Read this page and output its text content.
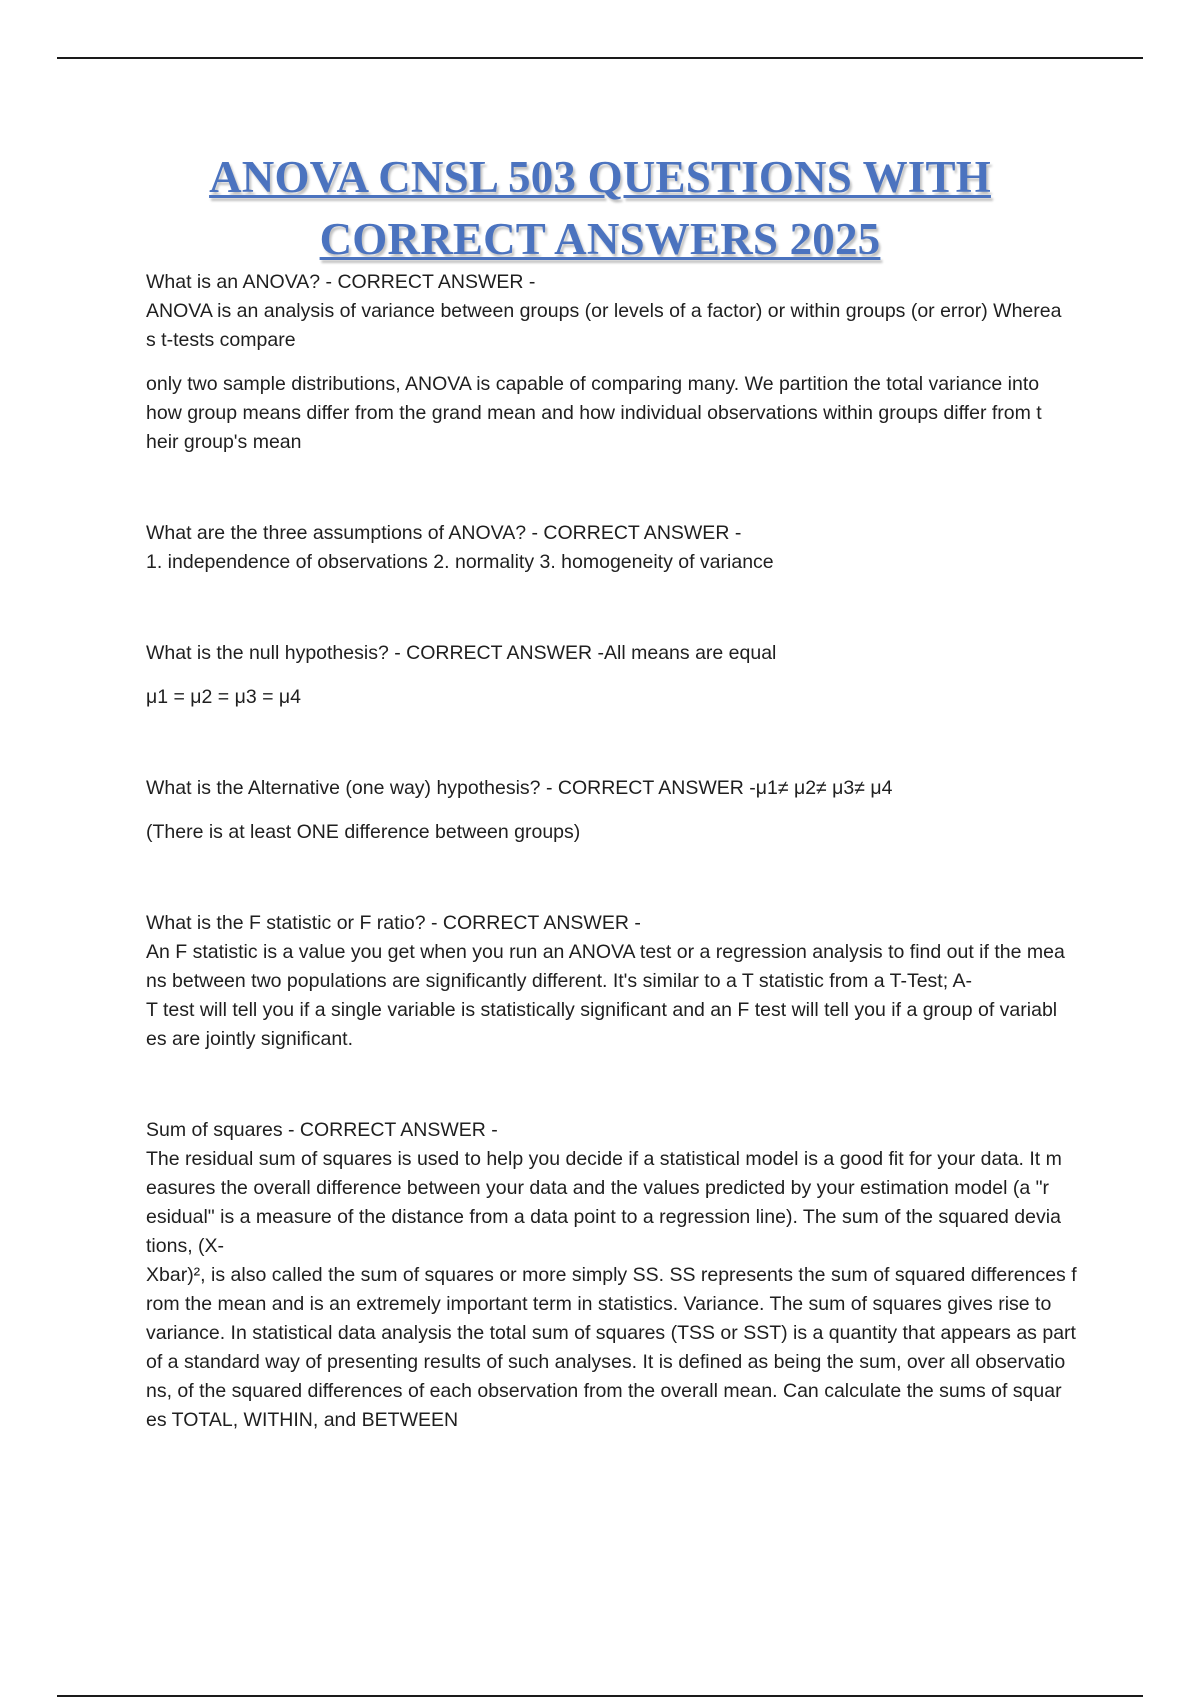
ANOVA CNSL 503 QUESTIONS WITH
CORRECT ANSWERS 2025

What is an ANOVA? - CORRECT ANSWER -

ANOVA is an analysis of variance between groups (or levels of a factor) or within groups (or error) Wherea

s t-tests compare

only two sample distributions, ANOVA is capable of comparing many. We partition the total variance into

how group means differ from the grand mean and how individual observations within groups differ from t

heir group's mean

What are the three assumptions of ANOVA? - CORRECT ANSWER -

1. independence of observations 2. normality 3. homogeneity of variance

What is the null hypothesis? - CORRECT ANSWER -All means are equal

μ1 = μ2 = μ3 = μ4

What is the Alternative (one way) hypothesis? - CORRECT ANSWER -μ1≠ μ2≠ μ3≠ μ4

(There is at least ONE difference between groups)

What is the F statistic or F ratio? - CORRECT ANSWER -

An F statistic is a value you get when you run an ANOVA test or a regression analysis to find out if the mea

ns between two populations are significantly different. It's similar to a T statistic from a T-Test; A-

T test will tell you if a single variable is statistically significant and an F test will tell you if a group of variabl

es are jointly significant.

Sum of squares - CORRECT ANSWER -

The residual sum of squares is used to help you decide if a statistical model is a good fit for your data. It m

easures the overall difference between your data and the values predicted by your estimation model (a "r

esidual" is a measure of the distance from a data point to a regression line). The sum of the squared devia

tions, (X-

Xbar)², is also called the sum of squares or more simply SS. SS represents the sum of squared differences f

rom the mean and is an extremely important term in statistics. Variance. The sum of squares gives rise to

variance. In statistical data analysis the total sum of squares (TSS or SST) is a quantity that appears as part

of a standard way of presenting results of such analyses. It is defined as being the sum, over all observatio

ns, of the squared differences of each observation from the overall mean. Can calculate the sums of squar

es TOTAL, WITHIN, and BETWEEN
